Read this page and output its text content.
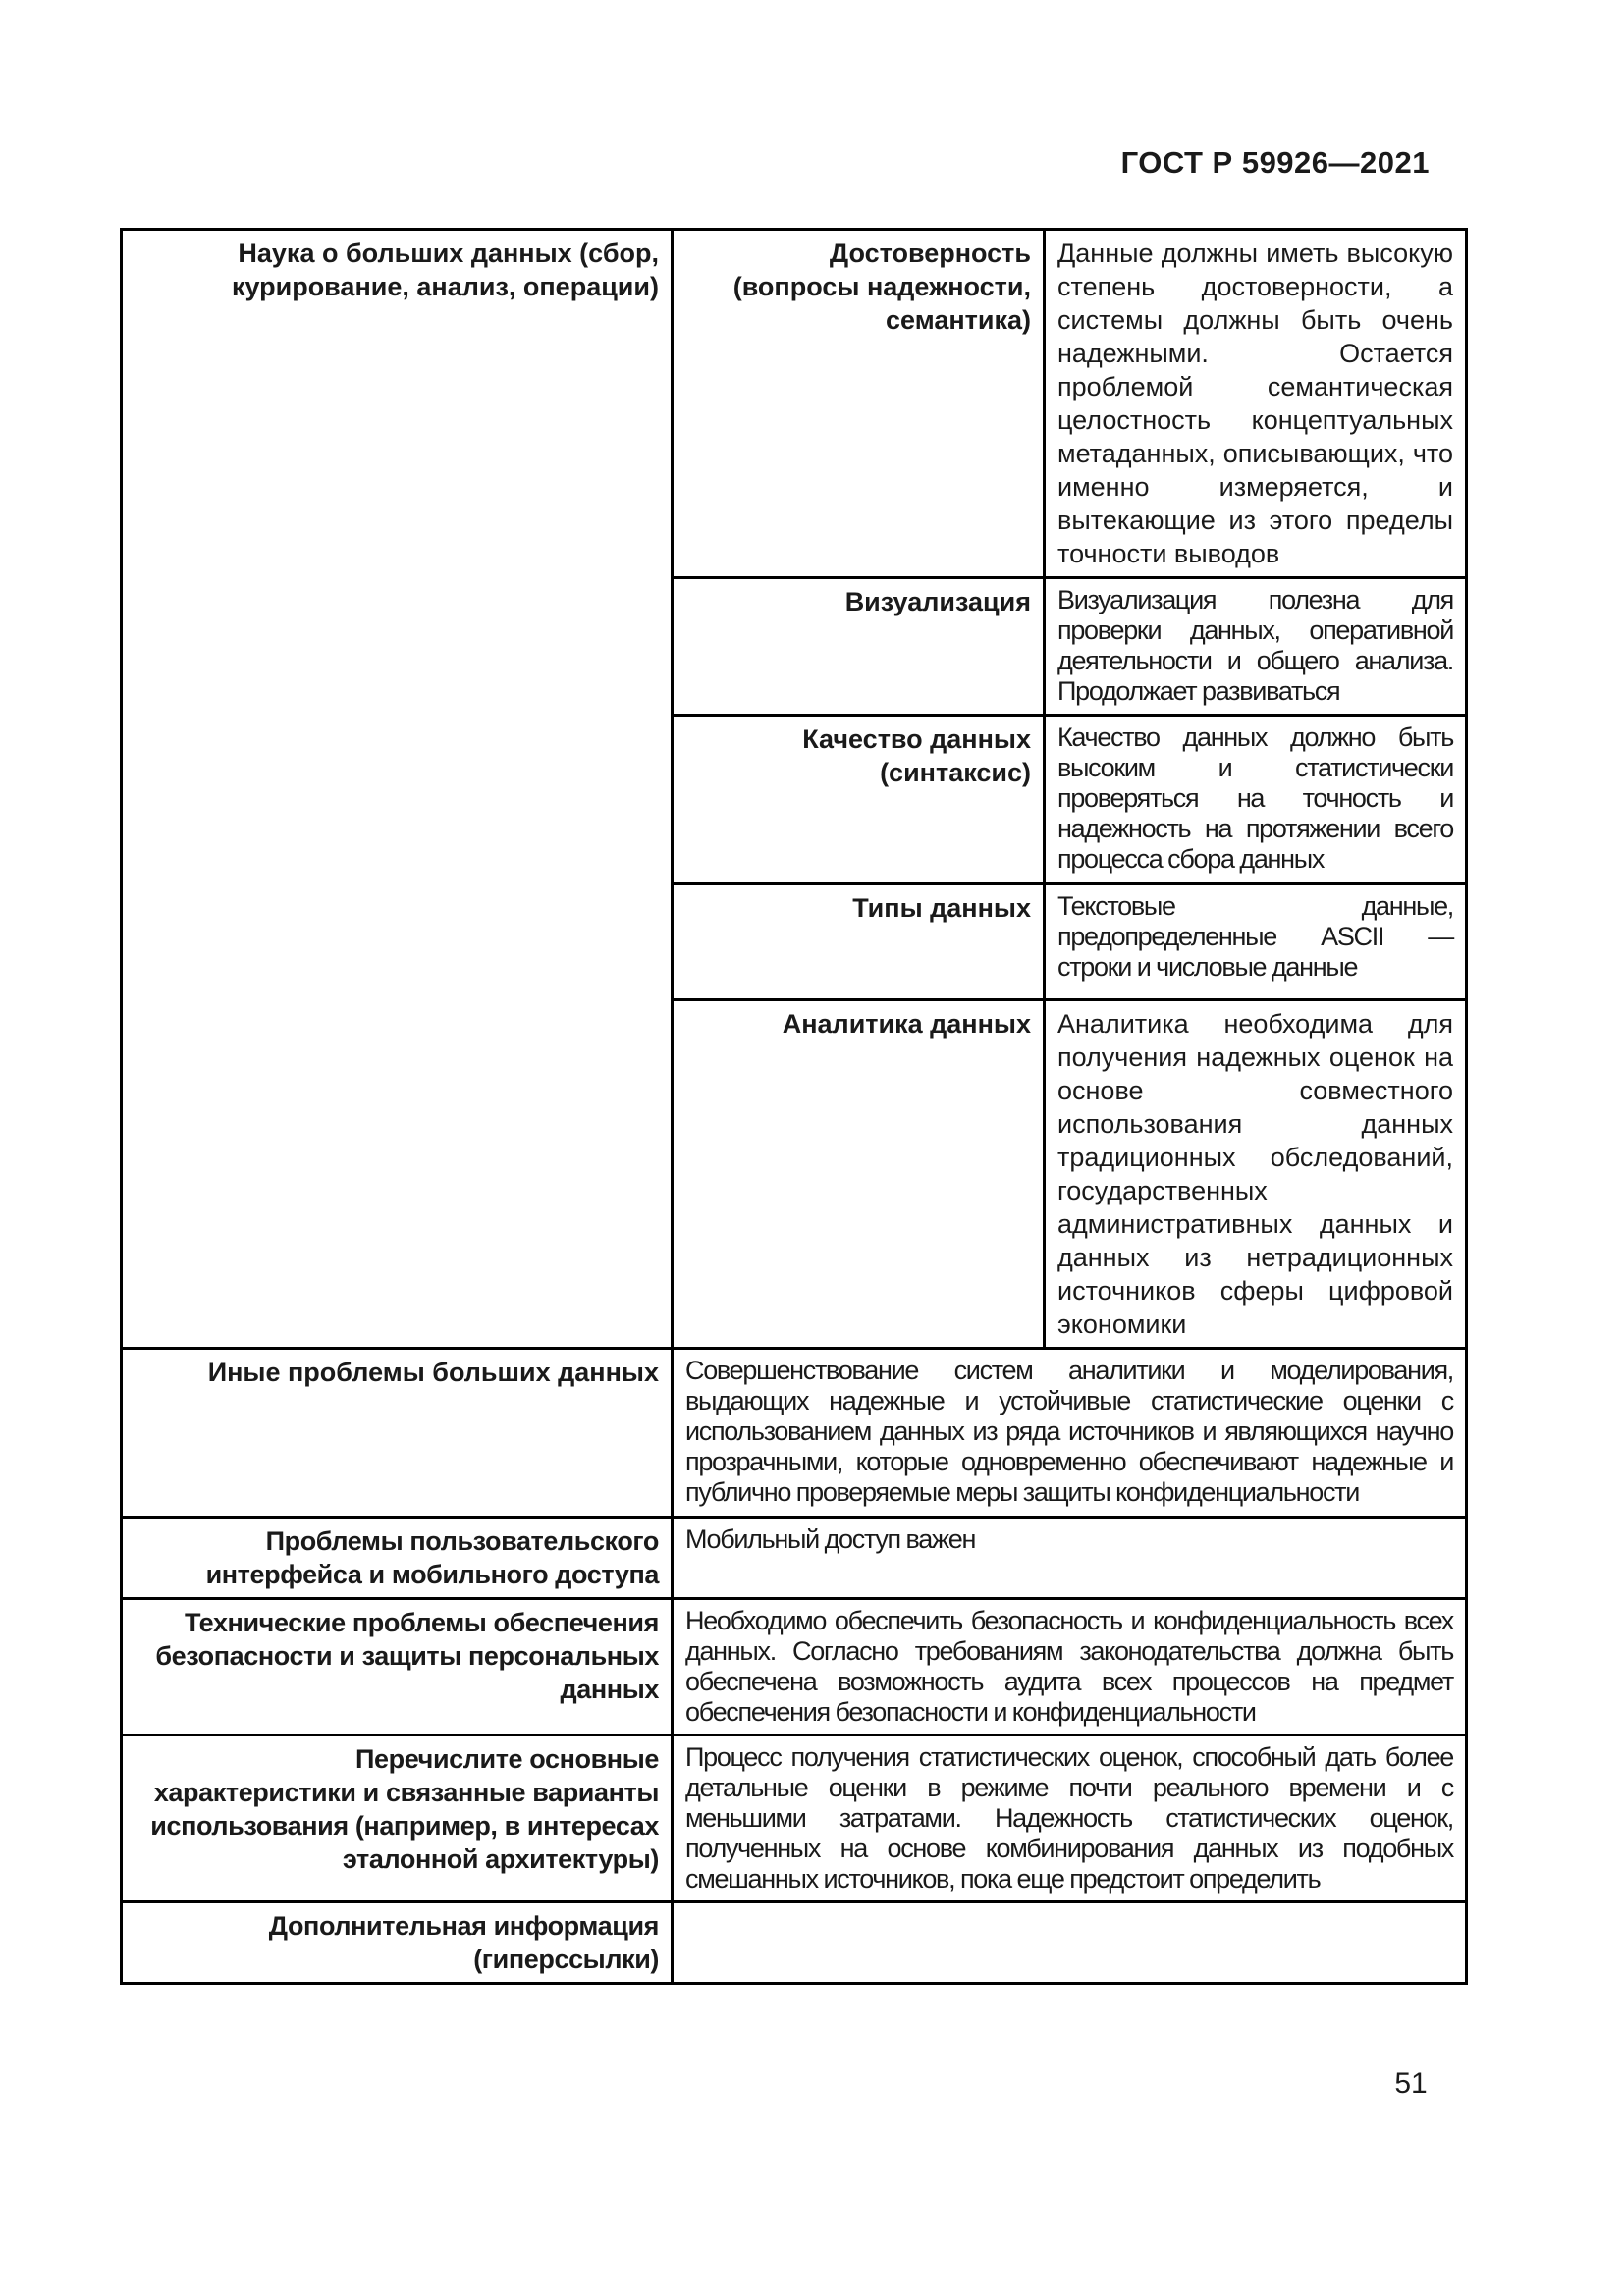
ГОСТ Р 59926—2021
Наука о больших данных (сбор, курирование, анализ, операции)	Достоверность (вопросы надежности, семантика)	Данные должны иметь высокую степень достоверности, а системы должны быть очень надежными. Остается проблемой семантическая целостность концептуальных метаданных, описывающих, что именно измеряется, и вытекающие из этого пределы точности выводов
	Визуализация	Визуализация полезна для проверки данных, оперативной деятельности и общего анализа. Продолжает развиваться
	Качество данных (синтаксис)	Качество данных должно быть высоким и статистически проверяться на точность и надежность на протяжении всего процесса сбора данных
	Типы данных	Текстовые данные, предопределенные ASCII — строки и числовые данные
	Аналитика данных	Аналитика необходима для получения надежных оценок на основе совместного использования данных традиционных обследований, государственных административных данных и данных из нетрадиционных источников сферы цифровой экономики
Иные проблемы больших данных	Совершенствование систем аналитики и моделирования, выдающих надежные и устойчивые статистические оценки с использованием данных из ряда источников и являющихся научно прозрачными, которые одновременно обеспечивают надежные и публично проверяемые меры защиты конфиденциальности	
Проблемы пользовательского интерфейса и мобильного доступа	Мобильный доступ важен	
Технические проблемы обеспечения безопасности и защиты персональных данных	Необходимо обеспечить безопасность и конфиденциальность всех данных. Согласно требованиям законодательства должна быть обеспечена возможность аудита всех процессов на предмет обеспечения безопасности и конфиденциальности	
Перечислите основные характеристики и связанные варианты использования (например, в интересах эталонной архитектуры)	Процесс получения статистических оценок, способный дать более детальные оценки в режиме почти реального времени и с меньшими затратами. Надежность статистических оценок, полученных на основе комбинирования данных из подобных смешанных источников, пока еще предстоит определить	
Дополнительная информация (гиперссылки)		
51
